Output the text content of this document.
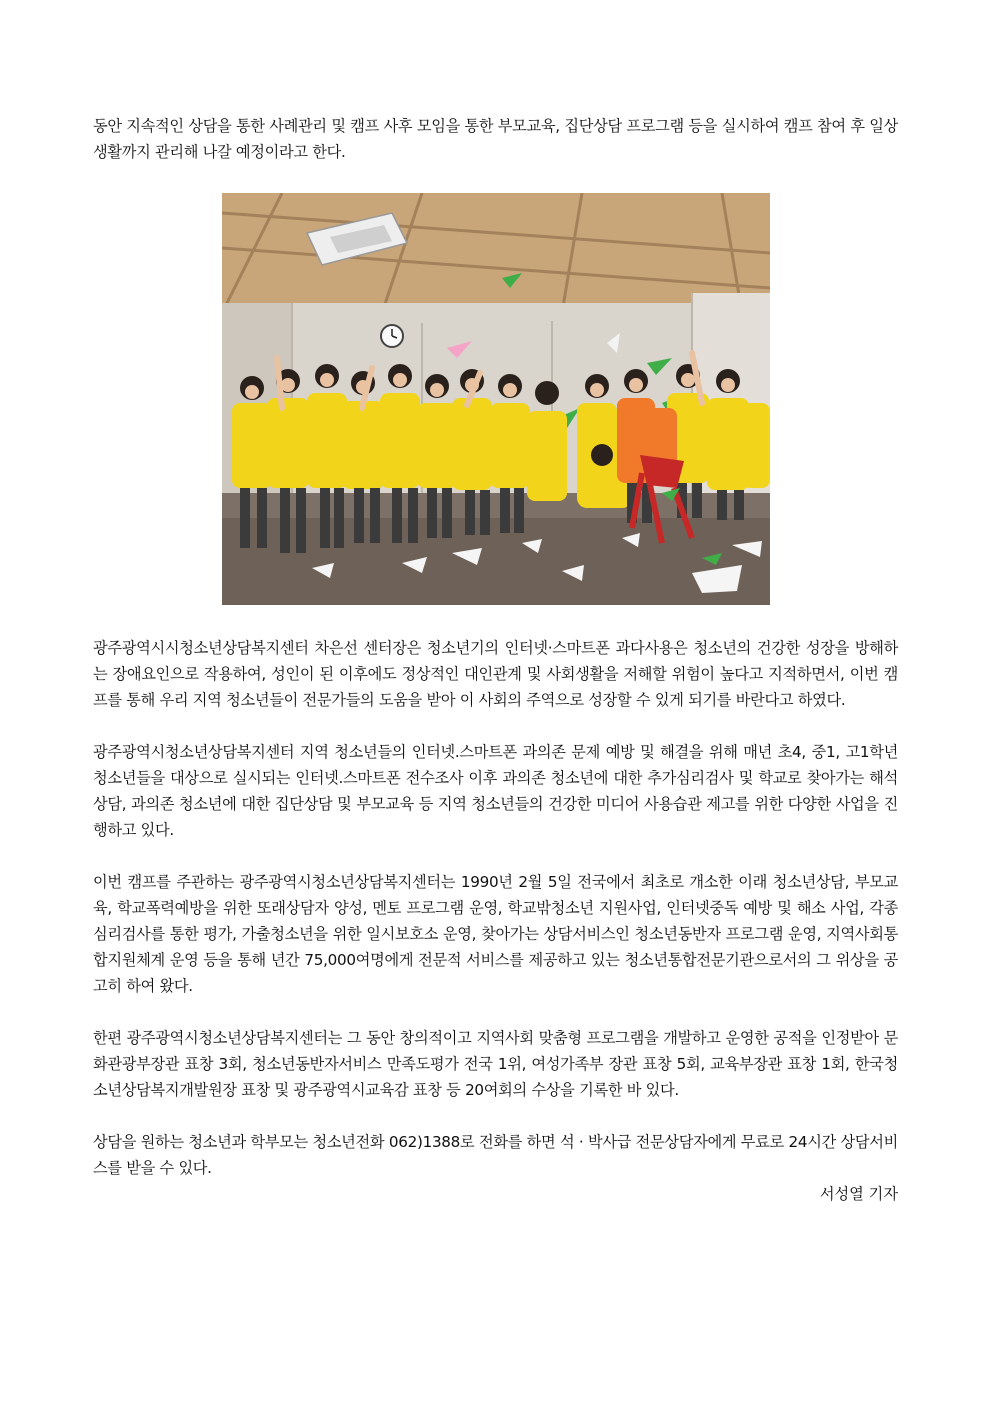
동안 지속적인 상담을 통한 사례관리 및 캠프 사후 모임을 통한 부모교육, 집단상담 프로그램 등을 실시하여 캠프 참여 후 일상생활까지 관리해 나갈 예정이라고 한다.

광주광역시시청소년상담복지센터 차은선 센터장은 청소년기의 인터넷·스마트폰 과다사용은 청소년의 건강한 성장을 방해하는 장애요인으로 작용하여, 성인이 된 이후에도 정상적인 대인관계 및 사회생활을 저해할 위험이 높다고 지적하면서, 이번 캠프를 통해 우리 지역 청소년들이 전문가들의 도움을 받아 이 사회의 주역으로 성장할 수 있게 되기를 바란다고 하였다.

광주광역시청소년상담복지센터 지역 청소년들의 인터넷.스마트폰 과의존 문제 예방 및 해결을 위해 매년 초4, 중1, 고1학년 청소년들을 대상으로 실시되는 인터넷.스마트폰 전수조사 이후 과의존 청소년에 대한 추가심리검사 및 학교로 찾아가는 해석상담, 과의존 청소년에 대한 집단상담 및 부모교육 등 지역 청소년들의 건강한 미디어 사용습관 제고를 위한 다양한 사업을 진행하고 있다.

이번 캠프를 주관하는 광주광역시청소년상담복지센터는 1990년 2월 5일 전국에서 최초로 개소한 이래 청소년상담, 부모교육, 학교폭력예방을 위한 또래상담자 양성, 멘토 프로그램 운영, 학교밖청소년 지원사업, 인터넷중독 예방 및 해소 사업, 각종 심리검사를 통한 평가, 가출청소년을 위한 일시보호소 운영, 찾아가는 상담서비스인 청소년동반자 프로그램 운영, 지역사회통합지원체계 운영 등을 통해 년간 75,000여명에게 전문적 서비스를 제공하고 있는 청소년통합전문기관으로서의 그 위상을 공고히 하여 왔다.

한편 광주광역시청소년상담복지센터는 그 동안 창의적이고 지역사회 맞춤형 프로그램을 개발하고 운영한 공적을 인정받아 문화관광부장관 표창 3회, 청소년동반자서비스 만족도평가 전국 1위, 여성가족부 장관 표창 5회, 교육부장관 표창 1회, 한국청소년상담복지개발원장 표창 및 광주광역시교육감 표창 등 20여회의 수상을 기록한 바 있다.

상담을 원하는 청소년과 학부모는 청소년전화 062)1388로 전화를 하면 석 · 박사급 전문상담자에게 무료로 24시간 상담서비스를 받을 수 있다.

서성열 기자
